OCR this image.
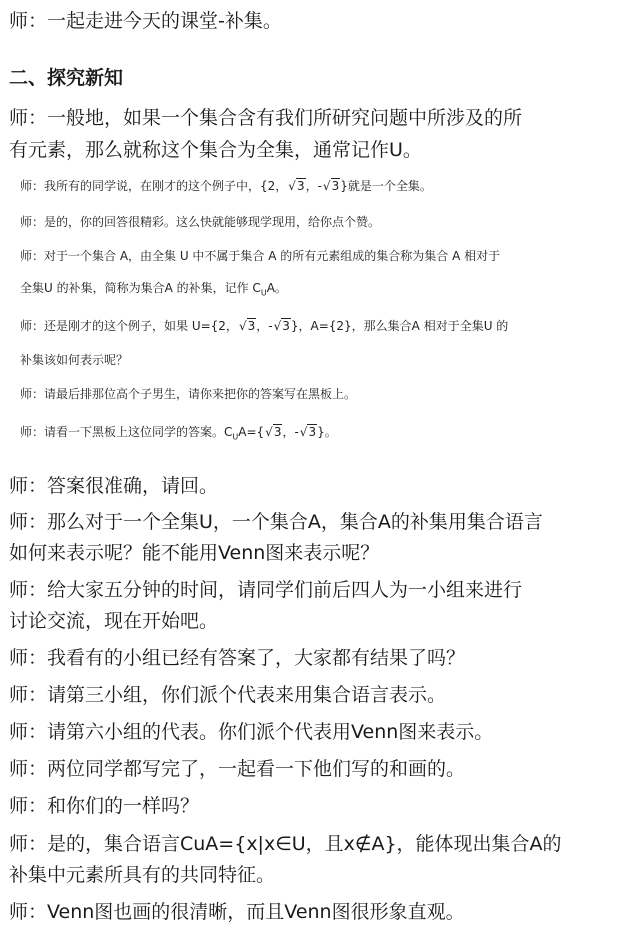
师：一起走进今天的课堂-补集。
二、探究新知
师：一般地，如果一个集合含有我们所研究问题中所涉及的所
有元素，那么就称这个集合为全集，通常记作U。
师：我所有的同学说，在刚才的这个例子中，{2，√3，-√3}就是一个全集。
师：是的，你的回答很精彩。这么快就能够现学现用，给你点个赞。
师：对于一个集合 A，由全集 U 中不属于集合 A 的所有元素组成的集合称为集合 A 相对于
全集U 的补集，简称为集合A 的补集，记作 $C_UA$。
师：还是刚才的这个例子，如果 U={2，√3，-√3}，A={2}，那么集合A 相对于全集U 的
补集该如何表示呢？
师：请最后排那位高个子男生，请你来把你的答案写在黑板上。
师：请看一下黑板上这位同学的答案。$C_UA=\{√3$，-√3}。
师：答案很准确，请回。
师：那么对于一个全集U，一个集合A，集合A的补集用集合语言
如何来表示呢？能不能用Venn图来表示呢？
师：给大家五分钟的时间，请同学们前后四人为一小组来进行
讨论交流，现在开始吧。
师：我看有的小组已经有答案了，大家都有结果了吗？
师：请第三小组，你们派个代表来用集合语言表示。
师：请第六小组的代表。你们派个代表用Venn图来表示。
师：两位同学都写完了，一起看一下他们写的和画的。
师：和你们的一样吗？
师：是的，集合语言CuA={x|x∈U，且x∉A}，能体现出集合A的
补集中元素所具有的共同特征。
师：Venn图也画的很清晰，而且Venn图很形象直观。
